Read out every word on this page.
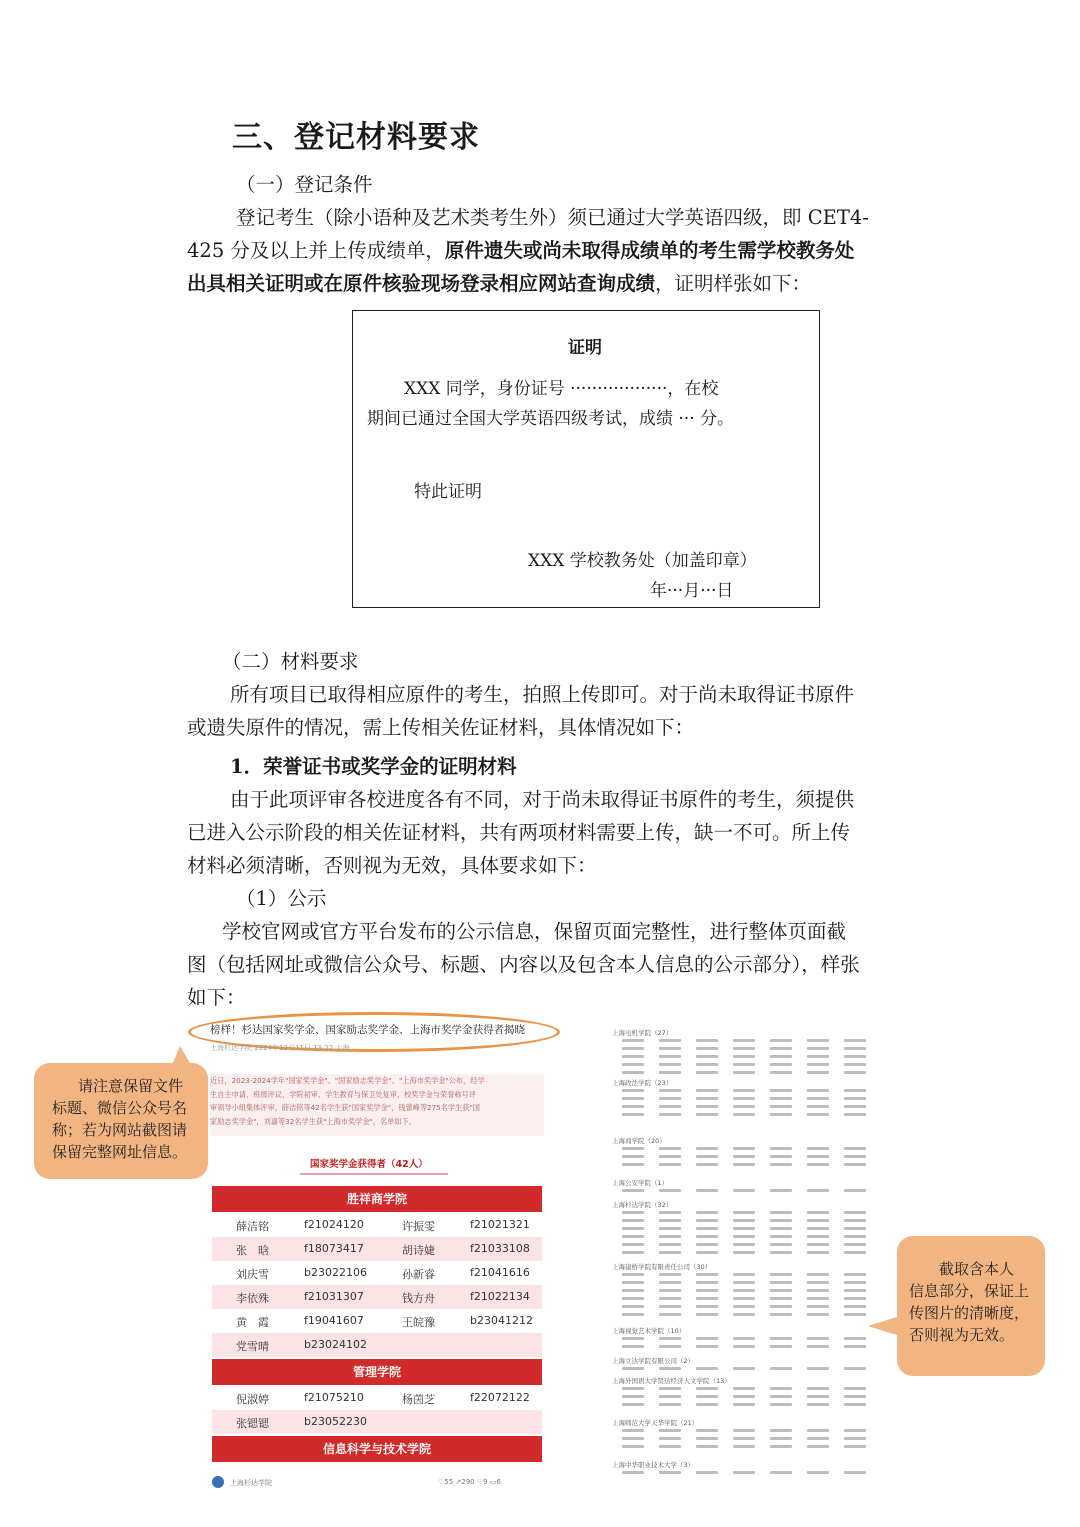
三、登记材料要求
（一）登记条件
登记考生（除小语种及艺术类考生外）须已通过大学英语四级，即 CET4-
425 分及以上并上传成绩单，原件遗失或尚未取得成绩单的考生需学校教务处
出具相关证明或在原件核验现场登录相应网站查询成绩，证明样张如下：
证明
XXX 同学，身份证号 ··················，在校
期间已通过全国大学英语四级考试，成绩 ··· 分。
特此证明
XXX 学校教务处（加盖印章）
年···月···日
（二）材料要求
所有项目已取得相应原件的考生，拍照上传即可。对于尚未取得证书原件
或遗失原件的情况，需上传相关佐证材料，具体情况如下：
1．荣誉证书或奖学金的证明材料
由于此项评审各校进度各有不同，对于尚未取得证书原件的考生，须提供
已进入公示阶段的相关佐证材料，共有两项材料需要上传，缺一不可。所上传
材料必须清晰，否则视为无效，具体要求如下：
（1）公示
学校官网或官方平台发布的公示信息，保留页面完整性，进行整体页面截
图（包括网址或微信公众号、标题、内容以及包含本人信息的公示部分），样张
如下：
榜样！杉达国家奖学金、国家励志奖学金、上海市奖学金获得者揭晓
上海杉达学院 2024年12月11日 13:22 上海
近日，2023-2024学年"国家奖学金"、"国家励志奖学金"、"上海市奖学金"公布，经学
生自主申请、班级评议、学院初审、学生教育与保卫处复审、校奖学金与荣誉称号评
审领导小组集体评审，薛洁铭等42名学生获"国家奖学金"，钱蕾峰等275名学生获"国
家励志奖学金"，刘嘉等32名学生获"上海市奖学金"，名单如下。
国家奖学金获得者（42人）
胜祥商学院
薛洁铭	f21024120	许振雯	f21021321
张　晗	f18073417	胡诗婕	f21033108
刘庆雪	b23022106	孙新睿	f21041616
李依殊	f21031307	钱方舟	f21022134
黄　霞	f19041607	王皖豫	b23041212
党雪晴	b23024102
管理学院
倪淑婷	f21075210	杨茵芝	f22072122
张锶锶	b23052230
信息科学与技术学院
上海杉达学院	♡55 ↗290 ♡9 ▭6
请注意保留文件
标题、微信公众号名
称；若为网站截图请
保留完整网址信息。
截取含本人
信息部分，保证上
传图片的清晰度，
否则视为无效。
上海电机学院（27）
上海政法学院（23）
上海商学院（20）
上海公安学院（1）
上海杉达学院（32）
上海建桥学院有限责任公司（30）
上海视觉艺术学院（10）
上海立达学院有限公司（2）
上海外国语大学贤达经济人文学院（13）
上海师范大学天华学院（21）
上海中华职业技术大学（3）
